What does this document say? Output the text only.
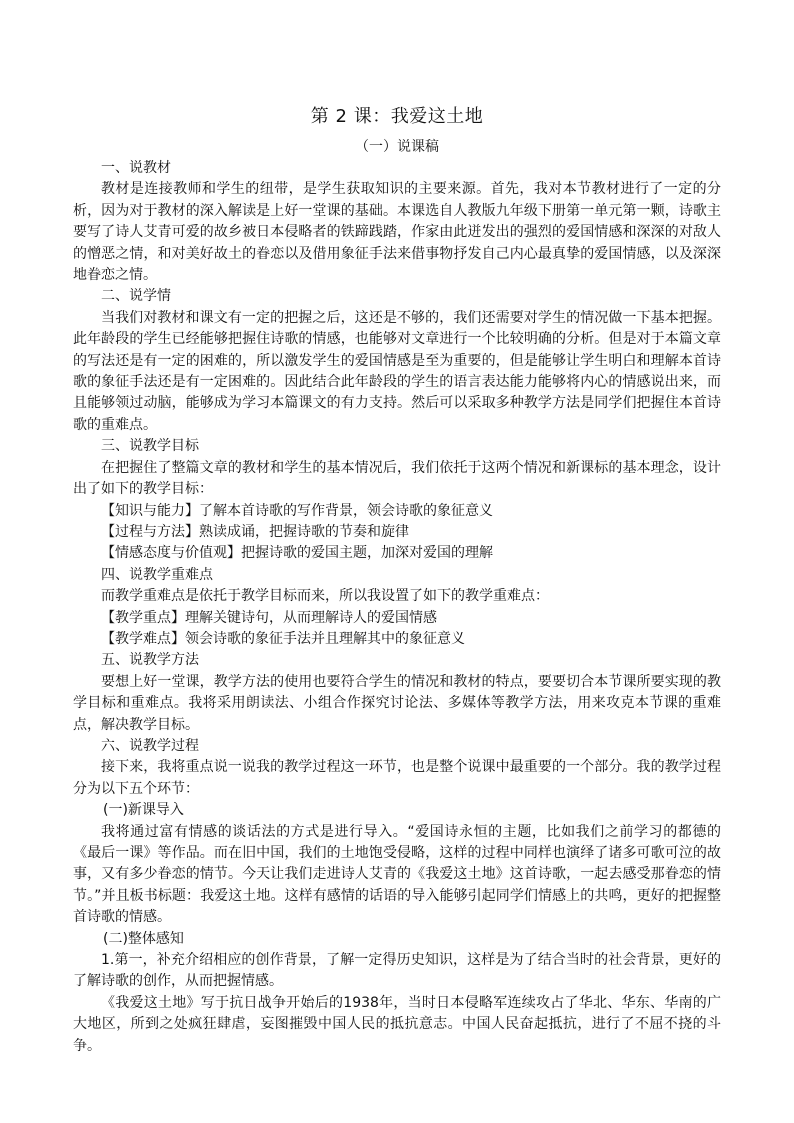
第 2 课：我爱这土地

（一）说课稿

一、说教材

教材是连接教师和学生的纽带，是学生获取知识的主要来源。首先，我对本节教材进行了一定的分析，因为对于教材的深入解读是上好一堂课的基础。本课选自人教版九年级下册第一单元第一颗，诗歌主要写了诗人艾青可爱的故乡被日本侵略者的铁蹄践踏，作家由此迸发出的强烈的爱国情感和深深的对敌人的憎恶之情，和对美好故土的眷恋以及借用象征手法来借事物抒发自己内心最真挚的爱国情感，以及深深地眷恋之情。

二、说学情

当我们对教材和课文有一定的把握之后，这还是不够的，我们还需要对学生的情况做一下基本把握。此年龄段的学生已经能够把握住诗歌的情感，也能够对文章进行一个比较明确的分析。但是对于本篇文章的写法还是有一定的困难的，所以激发学生的爱国情感是至为重要的，但是能够让学生明白和理解本首诗歌的象征手法还是有一定困难的。因此结合此年龄段的学生的语言表达能力能够将内心的情感说出来，而且能够领过动脑，能够成为学习本篇课文的有力支持。然后可以采取多种教学方法是同学们把握住本首诗歌的重难点。

三、说教学目标

在把握住了整篇文章的教材和学生的基本情况后，我们依托于这两个情况和新课标的基本理念，设计出了如下的教学目标：

【知识与能力】了解本首诗歌的写作背景，领会诗歌的象征意义

【过程与方法】熟读成诵，把握诗歌的节奏和旋律

【情感态度与价值观】把握诗歌的爱国主题，加深对爱国的理解

四、说教学重难点

而教学重难点是依托于教学目标而来，所以我设置了如下的教学重难点：

【教学重点】理解关键诗句，从而理解诗人的爱国情感

【教学难点】领会诗歌的象征手法并且理解其中的象征意义

五、说教学方法

要想上好一堂课，教学方法的使用也要符合学生的情况和教材的特点，要要切合本节课所要实现的教学目标和重难点。我将采用朗读法、小组合作探究讨论法、多媒体等教学方法，用来攻克本节课的重难点，解决教学目标。

六、说教学过程

接下来，我将重点说一说我的教学过程这一环节，也是整个说课中最重要的一个部分。我的教学过程分为以下五个环节：

(一)新课导入

我将通过富有情感的谈话法的方式是进行导入。“爱国诗永恒的主题，比如我们之前学习的都德的《最后一课》等作品。而在旧中国，我们的土地饱受侵略，这样的过程中同样也演绎了诸多可歌可泣的故事，又有多少眷恋的情节。今天让我们走进诗人艾青的《我爱这土地》这首诗歌，一起去感受那眷恋的情节。”并且板书标题：我爱这土地。这样有感情的话语的导入能够引起同学们情感上的共鸣，更好的把握整首诗歌的情感。

(二)整体感知

1.第一，补充介绍相应的创作背景，了解一定得历史知识，这样是为了结合当时的社会背景，更好的了解诗歌的创作，从而把握情感。

《我爱这土地》写于抗日战争开始后的1938年，当时日本侵略军连续攻占了华北、华东、华南的广大地区，所到之处疯狂肆虐，妄图摧毁中国人民的抵抗意志。中国人民奋起抵抗，进行了不屈不挠的斗争。
